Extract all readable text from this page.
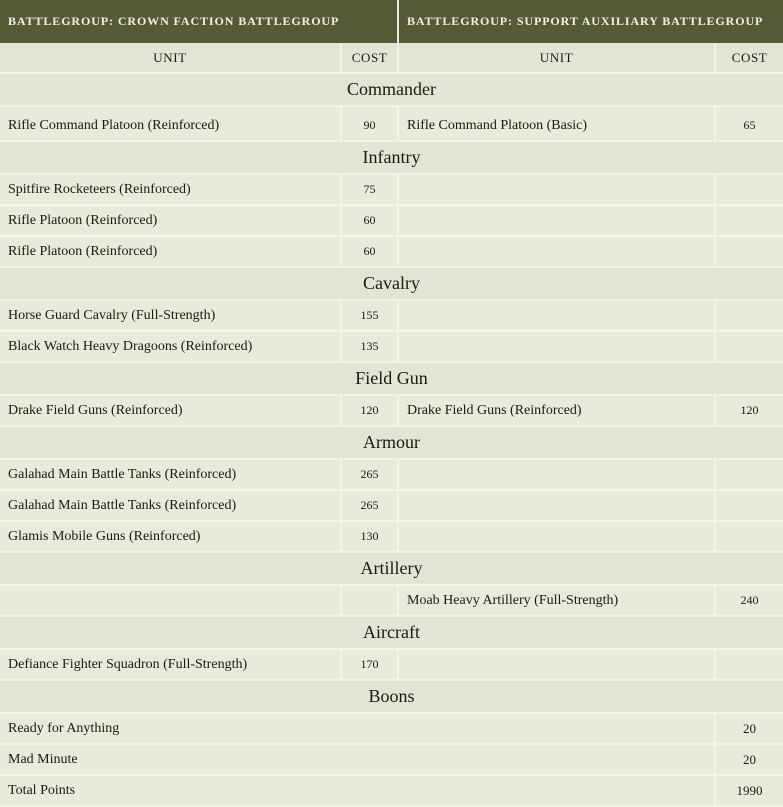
BATTLEGROUP: CROWN FACTION BATTLEGROUP		BATTLEGROUP: SUPPORT AUXILIARY BATTLEGROUP	
UNIT	COST	UNIT	COST
Commander			
Rifle Command Platoon (Reinforced)	90	Rifle Command Platoon (Basic)	65
Infantry			
Spitfire Rocketeers (Reinforced)	75		
Rifle Platoon (Reinforced)	60		
Rifle Platoon (Reinforced)	60		
Cavalry			
Horse Guard Cavalry (Full-Strength)	155		
Black Watch Heavy Dragoons (Reinforced)	135		
Field Gun			
Drake Field Guns (Reinforced)	120	Drake Field Guns (Reinforced)	120
Armour			
Galahad Main Battle Tanks (Reinforced)	265		
Galahad Main Battle Tanks (Reinforced)	265		
Glamis Mobile Guns (Reinforced)	130		
Artillery			
		Moab Heavy Artillery (Full-Strength)	240
Aircraft			
Defiance Fighter Squadron (Full-Strength)	170		
Boons			
Ready for Anything			20
Mad Minute			20
Total Points			1990
